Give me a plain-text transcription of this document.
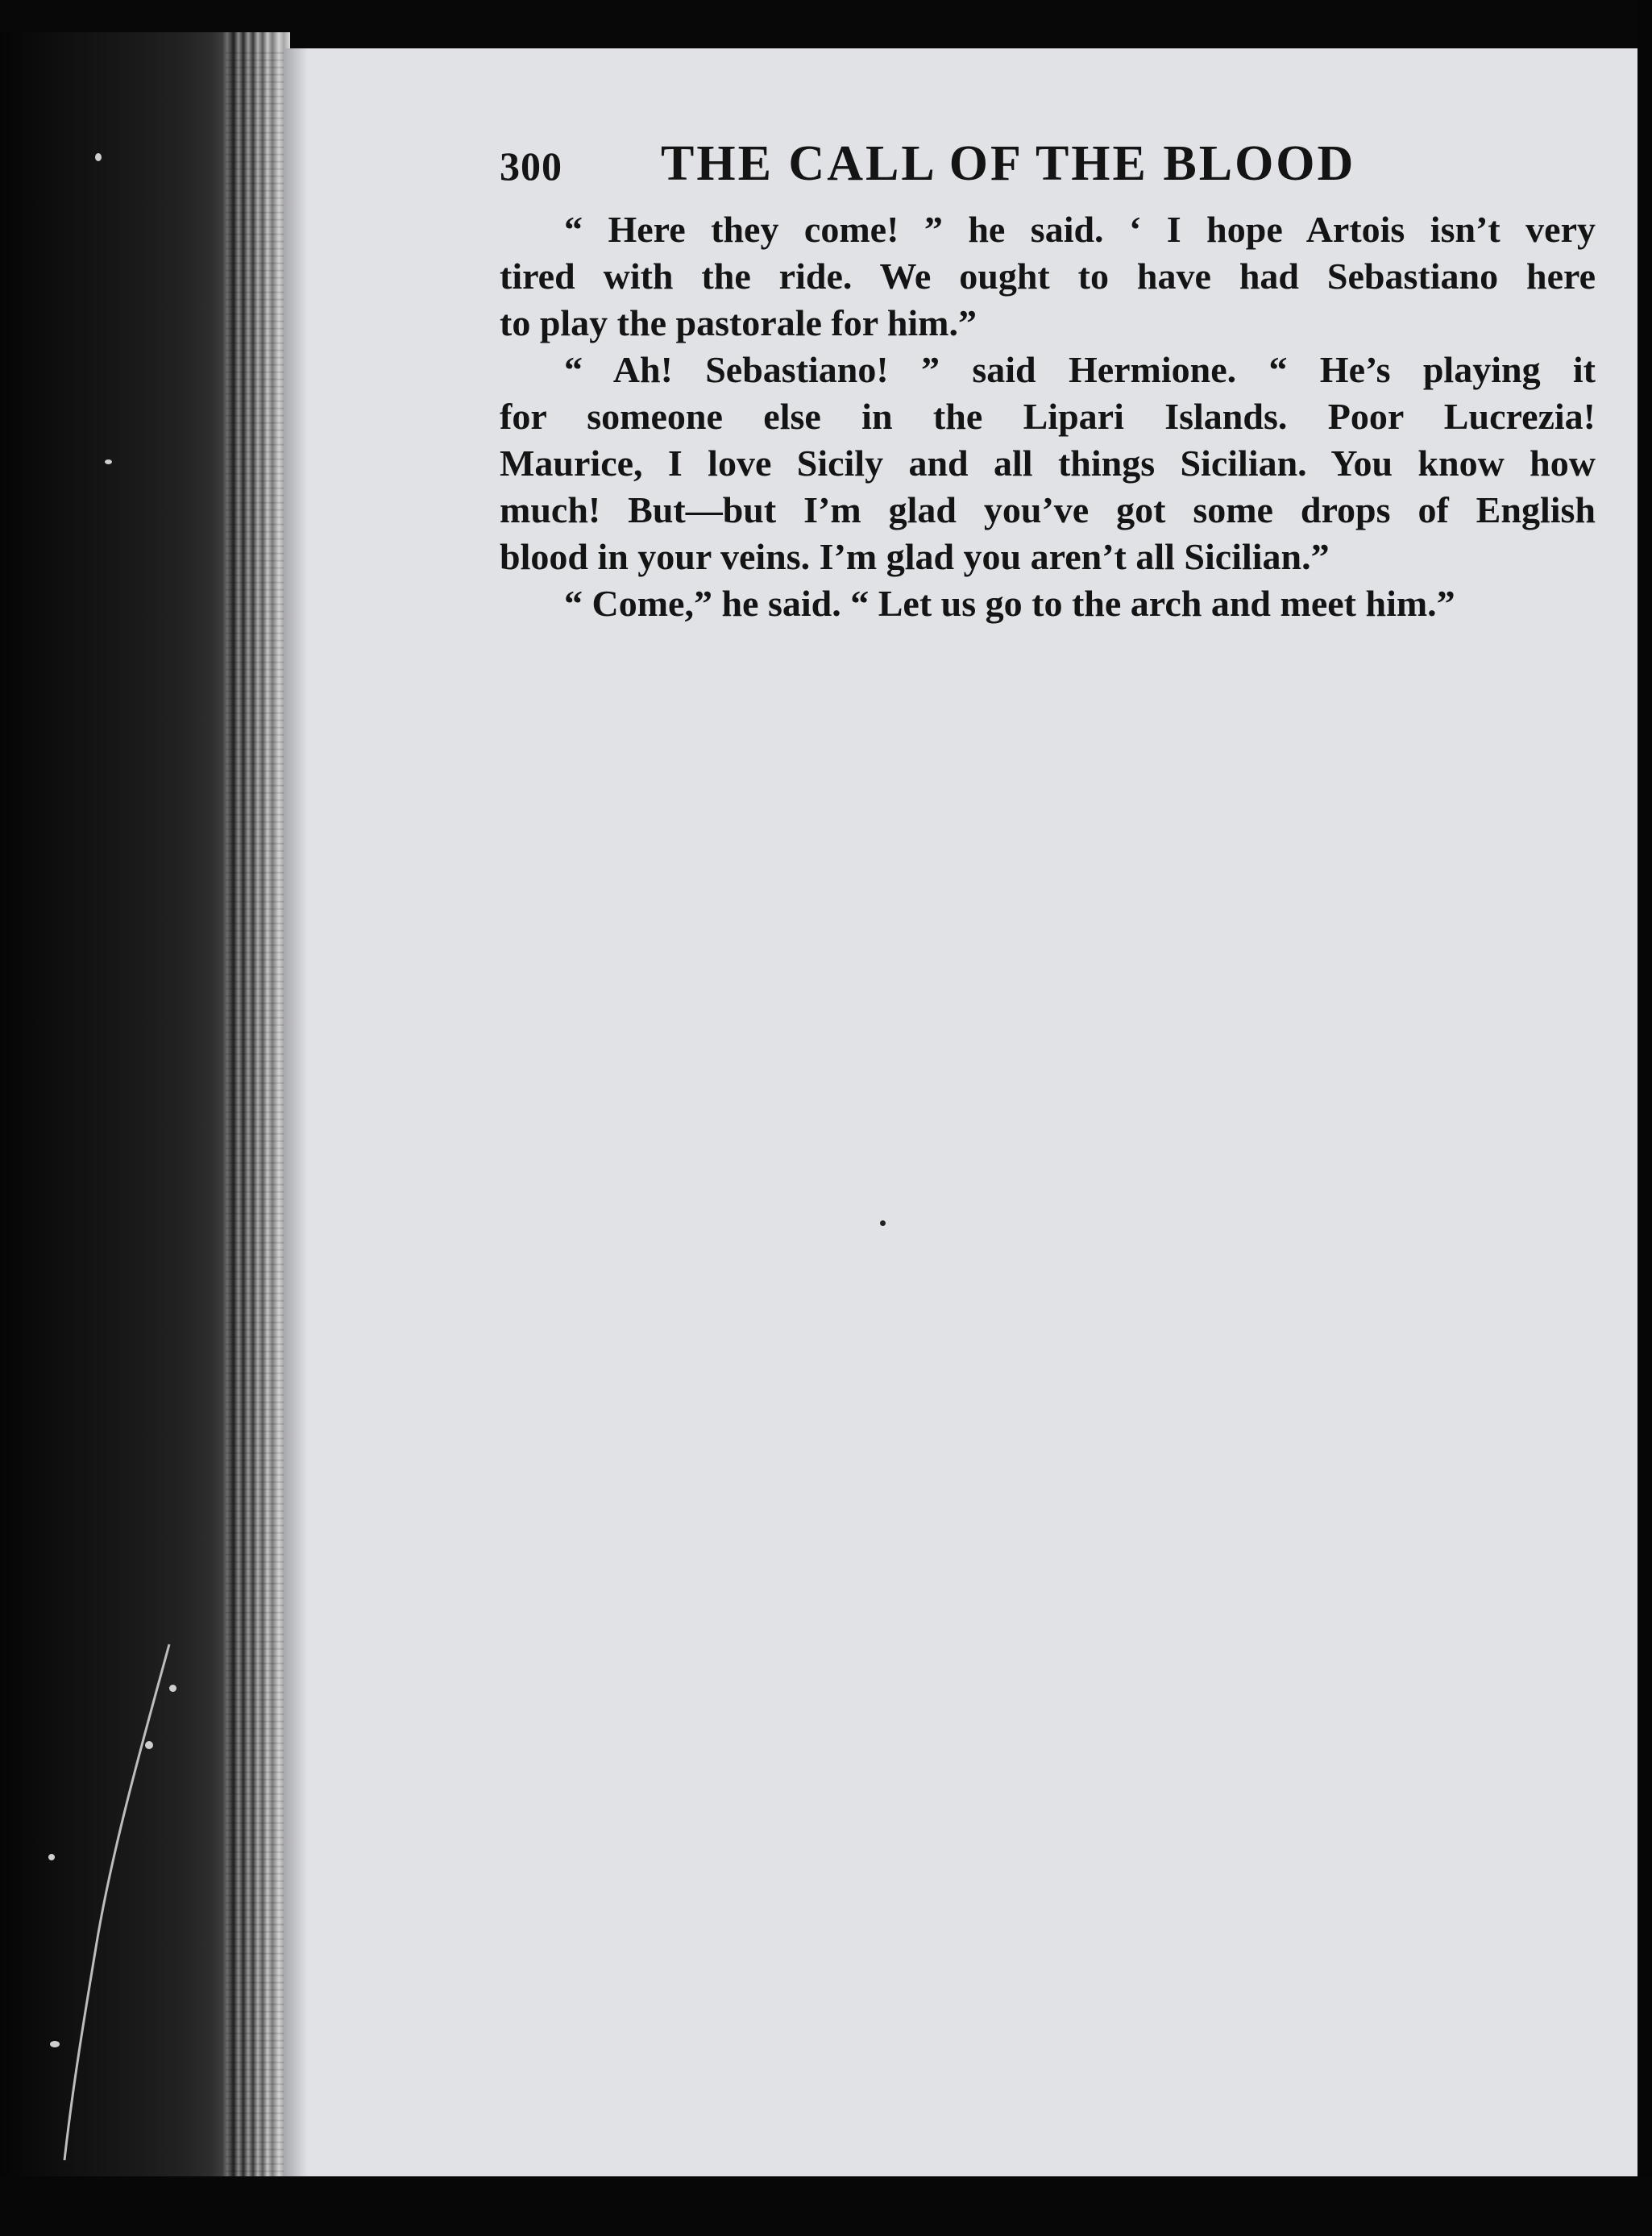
300	THE CALL OF THE BLOOD

“ Here they come! ” he said. ‘ I hope Artois isn’t very
tired with the ride. We ought to have had Sebastiano here
to play the pastorale for him.”

“ Ah! Sebastiano! ” said Hermione. “ He’s playing it
for someone else in the Lipari Islands. Poor Lucrezia!
Maurice, I love Sicily and all things Sicilian. You know how
much! But—but I’m glad you’ve got some drops of English
blood in your veins. I’m glad you aren’t all Sicilian.”

“ Come,” he said. “ Let us go to the arch and meet him.”
